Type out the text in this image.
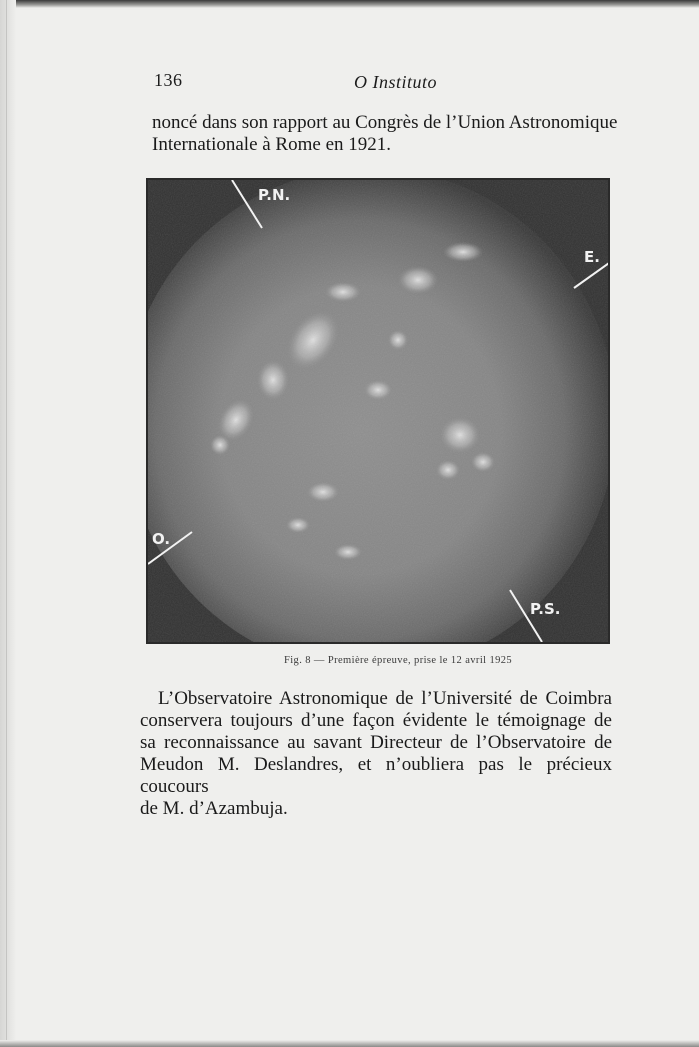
136	O Instituto
noncé dans son rapport au Congrès de l’Union Astronomique
Internationale à Rome en 1921.
P.N.
E.
O.
P.S.
Fig. 8 — Première épreuve, prise le 12 avril 1925
L’Observatoire Astronomique de l’Université de Coimbra
conservera toujours d’une façon évidente le témoignage de
sa reconnaissance au savant Directeur de l’Observatoire de
Meudon M. Deslandres, et n’oubliera pas le précieux coucours
de M. d’Azambuja.
